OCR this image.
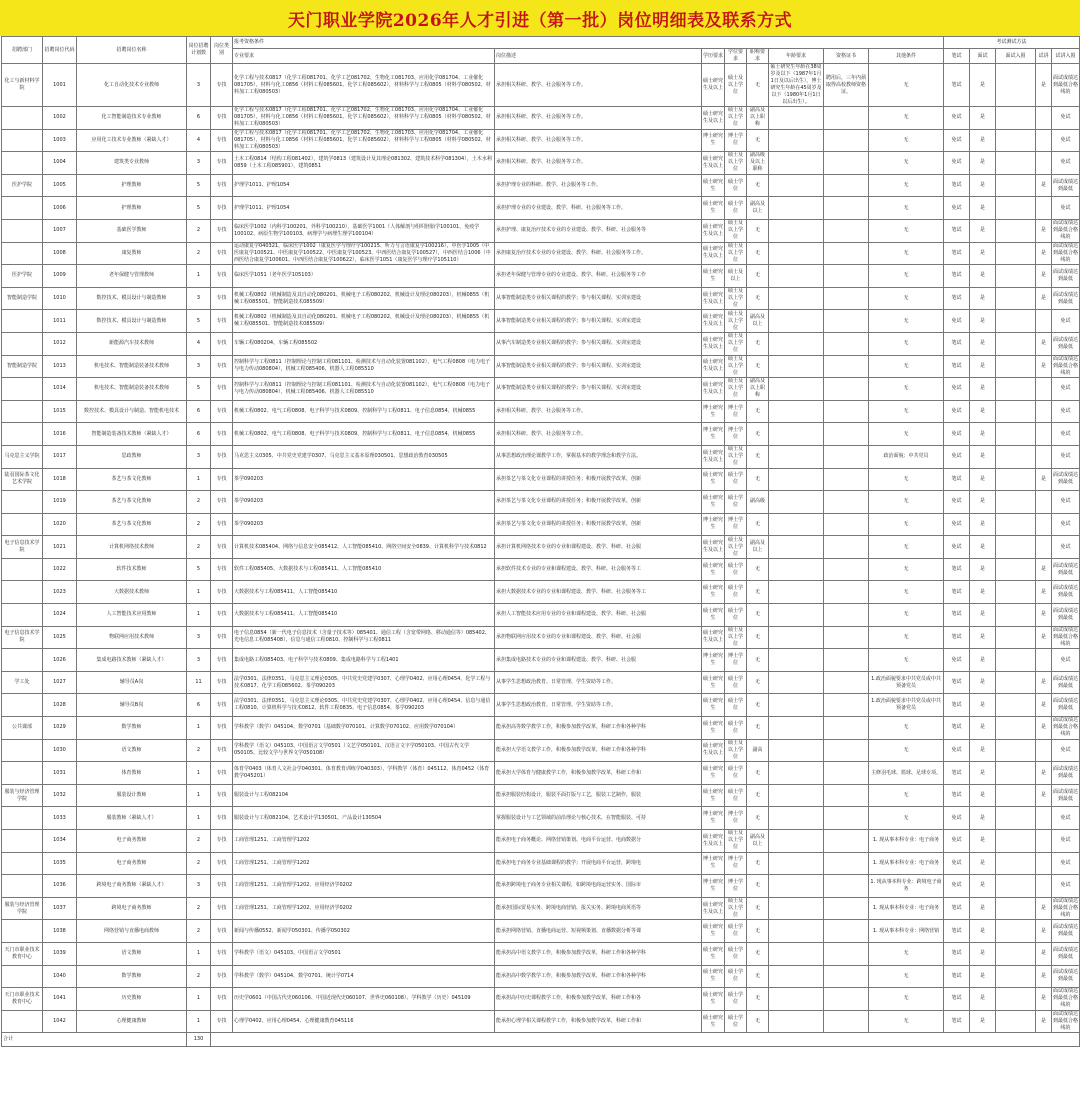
天门职业学院2026年人才引进（第一批）岗位明细表及联系方式
招聘部门	招聘岗位代码	招聘岗位名称	岗位招聘计划数	岗位类别	报考资格条件								考试测试方法				
					专业要求	岗位描述	学历要求	学位要求	职称要求	年龄要求	资格证书	其他条件	笔试	面试	面试入围	试讲	试讲入围

化工与新材料学院	1001	化工自动化技术专业教师	3	专技	化学工程与技术0817（化学工程081701、化学工艺081702、生物化工081703、应用化学081704、工业催化081705），材料与化工0856（材料工程085601、化学工程085602），材料科学与工程0805（材料学080502、材料加工工程080503）	承担相关科研、教学、社会服务等工作。	硕士研究生及以上	硕士及以上学位	无	硕士研究生年龄在38周岁及以下（1987年1月1日及以后出生），博士研究生年龄在45周岁及以下（1980年1月1日以后出生）。	聘用后，三年内须取得高校教师资格证。	无	笔试	是		是	面试成绩达到最低合格线的
	1002	化工智能制造技术专业教师	6	专技	化学工程与技术0817（化学工程081701、化学工艺081702、生物化工081703、应用化学081704、工业催化081705），材料与化工0856（材料工程085601、化学工程085602），材料科学与工程0805（材料学080502、材料加工工程080503）	承担相关科研、教学、社会服务等工作。	硕士研究生及以上	硕士及以上学位	副高及以上职称			无	免试	是			免试
	1003	应用化工技术专业教师（紧缺人才）	4	专技	化学工程与技术0817（化学工程081701、化学工艺081702、生物化工081703、应用化学081704、工业催化081705），材料与化工0856（材料工程085601、化学工程085602），材料科学与工程0805（材料学080502、材料加工工程080503）	承担相关科研、教学、社会服务等工作。	博士研究生	博士学位	无			无	免试	是			免试
	1004	建筑类专业教师	3	专技	土木工程0814（结构工程081402），建筑学0813（建筑设计及其理论081302、建筑技术科学081304），土木水利0859（土木工程085901），建筑0851	承担相关科研、教学、社会服务等工作。	硕士研究生及以上	硕士及以上学位	副高级及以上职称			无	免试	是			免试
医护学院	1005	护理教师	5	专技	护理学1011、护理1054	承担护理专业的科研、教学、社会服务等工作。	硕士研究生	硕士学位	无			无	笔试	是		是	面试成绩达到最低
	1006	护理教师	5	专技	护理学1011、护理1054	承担护理专业的专业建设、教学、科研、社会服务等工作。	硕士研究生	硕士学位	副高及以上			无	免试	是			免试
	1007	基础医学教师	2	专技	临床医学1002（内科学100201、外科学100210），基础医学1001（人体解剖与组织胚胎学100101、免疫学100102、病原生物学100103、病理学与病理生理学100104）	承担护理、康复治疗技术专业的专业建设、教学、科研、社会服务等	硕士研究生及以上	硕士及以上学位	无			无	笔试	是		是	面试成绩达到最低合格线的
	1008	康复教师	2	专技	运动康复学040321，临床医学1002（康复医学与理疗学100215、听力与言语康复学100216），中医学1005（中医康复学100521、中医康复学100522、中医康复学100523、中西医结合康复学100527），中西医结合1006（中西医结合康复学100601、中西医结合康复学100622），临床医学1051（康复医学与理疗学105110）	承担康复治疗技术专业的专业建设、教学、科研、社会服务等工作。	硕士研究生及以上	硕士及以上学位	无			无	笔试	是		是	面试成绩达到最低合格线的
医护学院	1009	老年保健与管理教师	1	专技	临床医学1051（老年医学105103）	承担老年保健与管理专业的专业建设、教学、科研、社会服务等工作	硕士研究生	硕士及以上	无			无	笔试	是		是	面试成绩达到最低
智能制造学院	1010	数控技术、模具设计与制造教师	3	专技	机械工程0802（机械制造及其自动化080201、机械电子工程080202、机械设计及理论080203），机械0855（机械工程085501、智能制造技术085509）	从事智能制造类专业相关课程的教学；参与相关课程、实训室建设	硕士研究生及以上	硕士及以上学位	无			无	笔试	是		是	面试成绩达到最低
	1011	数控技术、模具设计与制造教师	5	专技	机械工程0802（机械制造及其自动化080201、机械电子工程080202、机械设计及理论080203），机械0855（机械工程085501、智能制造技术085509）	从事智能制造类专业相关课程的教学；参与相关课程、实训室建设	硕士研究生及以上	硕士及以上学位	副高及以上			无	免试	是			免试
	1012	新能源汽车技术教师	4	专技	车辆工程080204、车辆工程085502	从事汽车制造类专业相关课程的教学；参与相关课程、实训室建设	硕士研究生及以上	硕士及以上学位	无			无	笔试	是		是	面试成绩达到最低
智能制造学院	1013	机电技术、智能制造装备技术教师	3	专技	控制科学与工程0811（控制理论与控制工程081101、检测技术与自动化装置081102），电气工程0808（电力电子与电力传动080804），机械工程085406、机器人工程085510	从事智能制造类专业相关课程的教学；参与相关课程、实训室建设	硕士研究生及以上	硕士及以上学位	无			无	笔试	是		是	面试成绩达到最低合格线的
	1014	机电技术、智能制造装备技术教师	5	专技	控制科学与工程0811（控制理论与控制工程081101、检测技术与自动化装置081102），电气工程0808（电力电子与电力传动080804），机械工程085406、机器人工程085510	从事智能制造类专业相关课程的教学；参与相关课程、实训室建设	硕士研究生及以上	硕士及以上学位	副高及以上职称			无	免试	是			免试
	1015	数控技术、模具设计与制造、智能机电技术	6	专技	机械工程0802、电气工程0808、电子科学与技术0809、控制科学与工程0811、电子信息0854、机械0855	承担相关科研、教学、社会服务等工作。	博士研究生	博士学位	无			无	免试	是			免试
	1016	智能制造装备技术教师（紧缺人才）	6	专技	机械工程0802、电气工程0808、电子科学与技术0809、控制科学与工程0811、电子信息0854、机械0855	承担相关科研、教学、社会服务等工作。	博士研究生	博士学位	无			无	免试	是			免试
马克思主义学院	1017	思政教师	3	专技	马克思主义0305、中共党史党建学0307、马克思主义基本原理030501、思想政治教育030505	从事思想政治理论课教学工作，掌握基本的教学理念和教学方法。	硕士研究生及以上	硕士及以上学位	无			政治面貌：中共党员	免试	是			免试
陆羽国际茶文化艺术学院	1018	茶艺与茶文化教师	1	专技	茶学090203	承担茶艺与茶文化专业课程的讲授任务；积极开展教学改革，创新	硕士研究生	硕士学位	无			无	笔试	是		是	面试成绩达到最低
	1019	茶艺与茶文化教师	2	专技	茶学090203	承担茶艺与茶文化专业课程的讲授任务；积极开展教学改革，创新	硕士研究生	硕士学位	副高级			无	免试	是			免试
	1020	茶艺与茶文化教师	2	专技	茶学090203	承担茶艺与茶文化专业课程的讲授任务；积极开展教学改革，创新	博士研究生	博士学位	无			无	免试	是			免试
电子信息技术学院	1021	计算机网络技术教师	2	专技	计算机技术085404、网络与信息安全085412、人工智能085410、网络空间安全0839、计算机科学与技术0812	承担计算机网络技术专业的专业和课程建设、教学、科研、社会服	硕士研究生及以上	硕士及以上学位	副高及以上			无	免试	是			免试
	1022	软件技术教师	5	专技	软件工程085405、大数据技术与工程085411、人工智能085410	承担软件技术专业的专业和课程建设、教学、科研、社会服务等工	硕士研究生	硕士学位	无			无	笔试	是		是	面试成绩达到最低
	1023	大数据技术教师	1	专技	大数据技术与工程085411、人工智能085410	承担大数据技术专业的专业和课程建设、教学、科研、社会服务等工	硕士研究生	硕士学位	无			无	笔试	是		是	面试成绩达到最低
	1024	人工智能技术应用教师	1	专技	大数据技术与工程085411、人工智能085410	承担人工智能技术应用专业的专业和课程建设、教学、科研、社会服	硕士研究生	硕士学位	无			无	笔试	是		是	面试成绩达到最低
电子信息技术学院	1025	物联网应用技术教师	3	专技	电子信息0854（新一代电子信息技术（含量子技术等）085401、通信工程（含宽带网络、移动通信等）085402、光电信息工程085408）、信息与通信工程0810、控制科学与工程0811	承担物联网应用技术专业的专业和课程建设、教学、科研、社会服	硕士研究生及以上	硕士及以上学位	无			无	笔试	是		是	面试成绩达到最低合格线的
	1026	集成电路技术教师（紧缺人才）	3	专技	集成电路工程085403、电子科学与技术0809、集成电路科学与工程1401	承担集成电路技术专业的专业和课程建设、教学、科研、社会服	博士研究生	博士学位	无			无	免试	是			免试
学工处	1027	辅导员A岗	11	专技	法学0301、法律0351、马克思主义理论0305、中共党史党建学0307、心理学0402、应用心理0454、化学工程与技术0817、化学工程085602、茶学090203	从事学生思想政治教育、日常管理、学生资助等工作。	硕士研究生	硕士学位	无			1.政治面貌要求中共党员或中共预备党员	笔试	是		是	面试成绩达到最低
	1028	辅导员B岗	6	专技	法学0301、法律0351、马克思主义理论0305、中共党史党建学0307、心理学0402、应用心理0454、信息与通信工程0810、计算机科学与技术0812、软件工程0835、电子信息0854、茶学090203	从事学生思想政治教育、日常管理、学生资助等工作。	硕士研究生	硕士学位	无			1.政治面貌要求中共党员或中共预备党员	笔试	是		是	面试成绩达到最低
公共课部	1029	数学教师	1	专技	学科教学（数学）045104、数学0701（基础数学070101、计算数学070102、应用数学070104）	能承担高等数学教学工作，积极参加教学改革，科研工作和各种学科	硕士研究生	硕士学位	无			无	笔试	是		是	面试成绩达到最低合格线的
	1030	语文教师	2	专技	学科教学（语文）045103、中国语言文学0501（文艺学050101、汉语言文字学050103、中国古代文学050105、比较文学与世界文学050108）	能承担大学语文教学工作，积极参加教学改革，科研工作和各种学科	硕士研究生及以上	硕士及以上学位	副高			无	免试	是			免试
	1031	体育教师	1	专技	体育学0403（体育人文社会学040301、体育教育训练学040303）、学科教学（体育）045112、体育0452（体育教学045201）	能承担大学体育与健康教学工作，积极参加教学改革，科研工作和	硕士研究生	硕士学位	无			主修羽毛球、篮球、足球专项。	笔试	是		是	面试成绩达到最低
服装与经济管理学院	1032	服装设计教师	1	专技	服装设计与工程082104	能承担服装结构设计，服装平面打版与工艺，服装工艺制作，服装	硕士研究生	硕士学位	无			无	笔试	是		是	面试成绩达到最低
	1033	服装教师（紧缺人才）	1	专技	服装设计与工程082104、艺术设计学130501、产品设计130504	掌握服装设计与工艺领域的前沿理论与核心技术，在智能服装、可持	博士研究生	博士学位	无			无	免试	是			免试
	1034	电子商务教师	2	专技	工商管理1251、工商管理学1202	能承担电子商务概论、网络营销策划、电商平台运营、电商数据分	硕士研究生及以上	硕士及以上学位	副高及以上			1. 现从事本科专业：电子商务	免试	是			免试
	1035	电子商务教师	2	专技	工商管理1251、工商管理学1202	能承担电子商务专业基础课程的教学；开展电商平台运营，跨境电	博士研究生	博士学位	无			1. 现从事本科专业：电子商务	免试	是			免试
	1036	跨境电子商务教师（紧缺人才）	3	专技	工商管理1251、工商管理学1202、应用经济学0202	能承担跨境电子商务专业相关课程，如跨境电商运营实务、国际市	博士研究生	博士学位	无			1. 现从事本科专业：跨境电子商务	免试	是			免试
服装与经济管理学院	1037	跨境电子商务教师	2	专技	工商管理1251、工商管理学1202、应用经济学0202	能承担国际贸易实务、跨境电商营销、报关实务、跨境电商英语等	硕士研究生及以上	硕士及以上学位	无			1. 现从事本科专业：电子商务	笔试	是		是	面试成绩达到最低合格线的
	1038	网络营销与直播电商教师	2	专技	新闻与传播0552、新闻学050301、传播学050302	能承担网络营销、直播电商运营、短视频策划、直播数据分析等课	硕士研究生	硕士学位	无			1. 现从事本科专业：网络营销	笔试	是		是	面试成绩达到最低
天门市职业技术教育中心	1039	语文教师	1	专技	学科教学（语文）045103、中国语言文学0501	能承担高中语文教学工作，积极参加教学改革，科研工作和各种学科	硕士研究生	硕士学位	无			无	笔试	是		是	面试成绩达到最低
	1040	数学教师	2	专技	学科教学（数学）045104、数学0701、统计学0714	能承担高中数学教学工作，积极参加教学改革，科研工作和各种学科	硕士研究生	硕士学位	无			无	笔试	是		是	面试成绩达到最低
天门市职业技术教育中心	1041	历史教师	1	专技	历史学0601（中国古代史060106、中国近现代史060107、世界史060108）、学科教学（历史）045109	能承担高中历史课程教学工作，积极参加教学改革，科研工作和各	硕士研究生	硕士学位	无			无	笔试	是		是	面试成绩达到最低合格线的
	1042	心理健康教师	1	专技	心理学0402、应用心理0454、心理健康教育045116	能承担心理学相关课程教学工作，积极参加教学改革，科研工作和	硕士研究生	硕士学位	无			无	笔试	是		是	面试成绩达到最低合格线的
合计			130														
